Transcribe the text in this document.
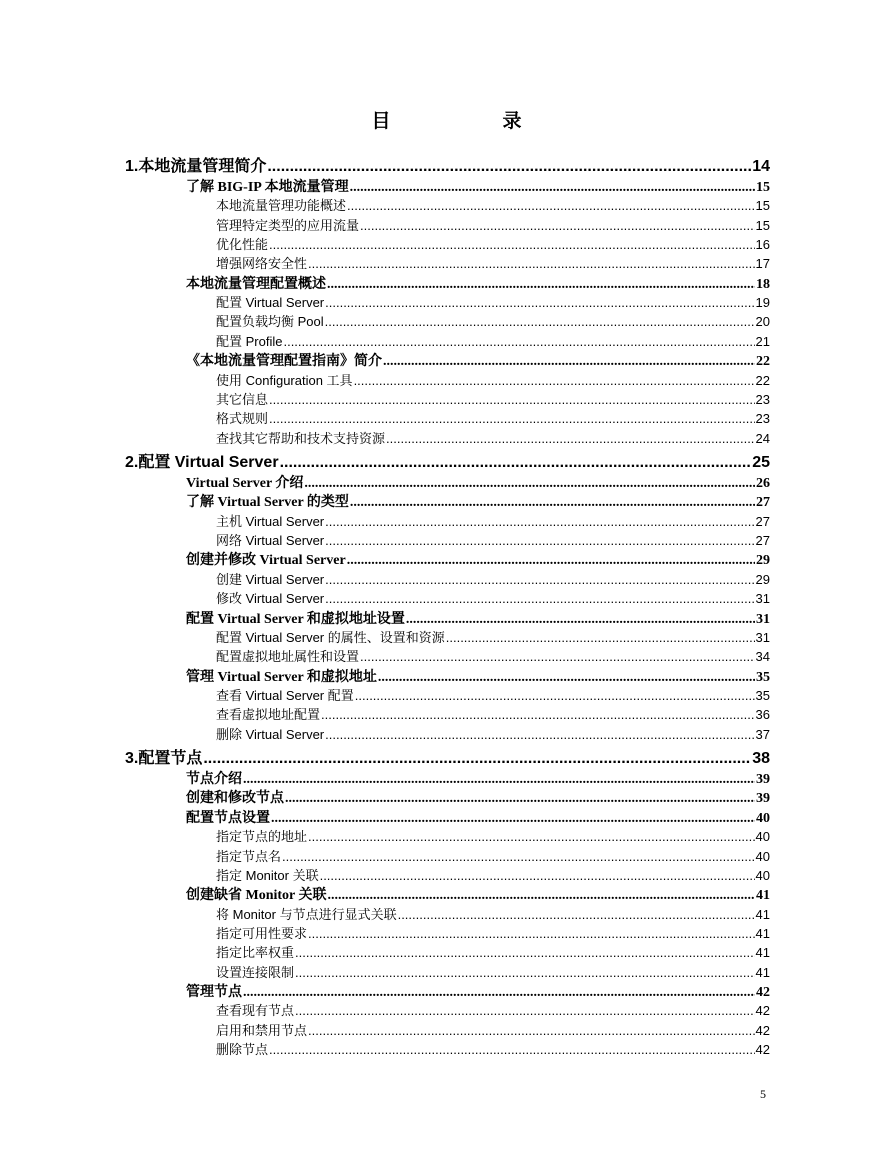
目	录
1.本地流量管理简介 .....	14
了解 BIG-IP 本地流量管理 .....	15
本地流量管理功能概述 .....	15
管理特定类型的应用流量 .....	15
优化性能 .....	16
增强网络安全性 .....	17
本地流量管理配置概述 .....	18
配置 Virtual Server .....	19
配置负载均衡 Pool .....	20
配置 Profile .....	21
《本地流量管理配置指南》简介 .....	22
使用 Configuration 工具 .....	22
其它信息 .....	23
格式规则 .....	23
查找其它帮助和技术支持资源 .....	24
2.配置 Virtual Server .....	25
Virtual Server 介绍 .....	26
了解 Virtual Server 的类型 .....	27
主机 Virtual Server .....	27
网络 Virtual Server .....	27
创建并修改 Virtual Server .....	29
创建 Virtual Server .....	29
修改 Virtual Server .....	31
配置 Virtual Server 和虚拟地址设置 .....	31
配置 Virtual Server 的属性、设置和资源 .....	31
配置虚拟地址属性和设置 .....	34
管理 Virtual Server 和虚拟地址 .....	35
查看 Virtual Server 配置 .....	35
查看虚拟地址配置 .....	36
删除 Virtual Server .....	37
3.配置节点 .....	38
节点介绍 .....	39
创建和修改节点 .....	39
配置节点设置 .....	40
指定节点的地址 .....	40
指定节点名 .....	40
指定 Monitor 关联 .....	40
创建缺省 Monitor 关联 .....	41
将 Monitor 与节点进行显式关联 .....	41
指定可用性要求 .....	41
指定比率权重 .....	41
设置连接限制 .....	41
管理节点 .....	42
查看现有节点 .....	42
启用和禁用节点 .....	42
删除节点 .....	42
5
